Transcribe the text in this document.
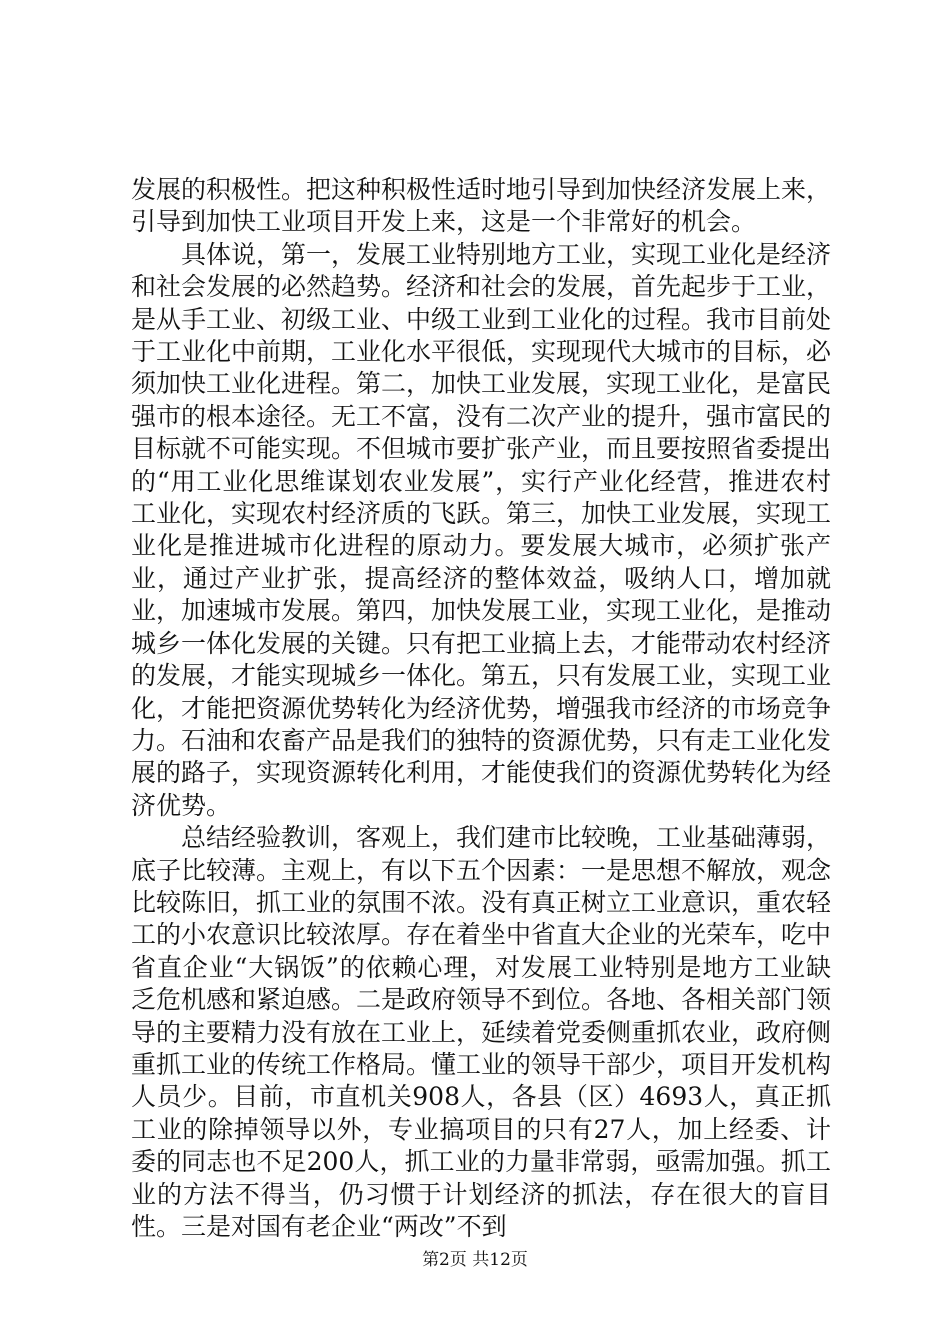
发展的积极性。把这种积极性适时地引导到加快经济发展上来，引导到加快工业项目开发上来，这是一个非常好的机会。

具体说，第一，发展工业特别地方工业，实现工业化是经济和社会发展的必然趋势。经济和社会的发展，首先起步于工业，是从手工业、初级工业、中级工业到工业化的过程。我市目前处于工业化中前期，工业化水平很低，实现现代大城市的目标，必须加快工业化进程。第二，加快工业发展，实现工业化，是富民强市的根本途径。无工不富，没有二次产业的提升，强市富民的目标就不可能实现。不但城市要扩张产业，而且要按照省委提出的“用工业化思维谋划农业发展”，实行产业化经营，推进农村工业化，实现农村经济质的飞跃。第三，加快工业发展，实现工业化是推进城市化进程的原动力。要发展大城市，必须扩张产业，通过产业扩张，提高经济的整体效益，吸纳人口，增加就业，加速城市发展。第四，加快发展工业，实现工业化，是推动城乡一体化发展的关键。只有把工业搞上去，才能带动农村经济的发展，才能实现城乡一体化。第五，只有发展工业，实现工业化，才能把资源优势转化为经济优势，增强我市经济的市场竞争力。石油和农畜产品是我们的独特的资源优势，只有走工业化发展的路子，实现资源转化利用，才能使我们的资源优势转化为经济优势。

总结经验教训，客观上，我们建市比较晚，工业基础薄弱，底子比较薄。主观上，有以下五个因素：一是思想不解放，观念比较陈旧，抓工业的氛围不浓。没有真正树立工业意识，重农轻工的小农意识比较浓厚。存在着坐中省直大企业的光荣车，吃中省直企业“大锅饭”的依赖心理，对发展工业特别是地方工业缺乏危机感和紧迫感。二是政府领导不到位。各地、各相关部门领导的主要精力没有放在工业上，延续着党委侧重抓农业，政府侧重抓工业的传统工作格局。懂工业的领导干部少，项目开发机构人员少。目前，市直机关908人，各县（区）4693人，真正抓工业的除掉领导以外，专业搞项目的只有27人，加上经委、计委的同志也不足200人，抓工业的力量非常弱，亟需加强。抓工业的方法不得当，仍习惯于计划经济的抓法，存在很大的盲目性。三是对国有老企业“两改”不到

第2页 共12页
